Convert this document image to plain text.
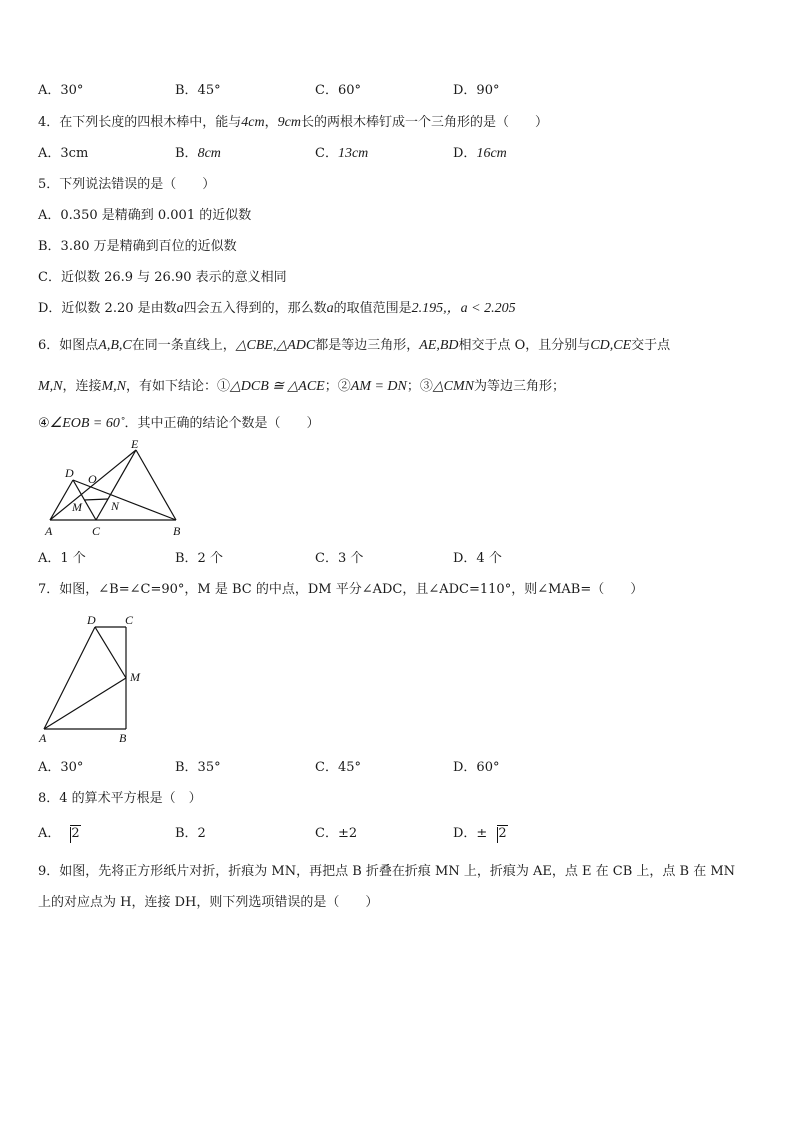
A．30°	B．45°	C．60°	D．90°
4．在下列长度的四根木棒中，能与4cm，9cm长的两根木棒钉成一个三角形的是（　　）
A．3cm	B．8cm	C．13cm	D．16cm
5．下列说法错误的是（　　）
A．0.350 是精确到 0.001 的近似数
B．3.80 万是精确到百位的近似数
C．近似数 26.9 与 26.90 表示的意义相同
D．近似数 2.20 是由数a四会五入得到的，那么数a的取值范围是2.195,，a < 2.205
6．如图点A,B,C在同一条直线上，△CBE,△ADC都是等边三角形，AE,BD相交于点 O，且分别与CD,CE交于点
M,N，连接M,N，有如下结论：①△DCB ≅ △ACE；②AM = DN；③△CMN为等边三角形；
④∠EOB = 60˚．其中正确的结论个数是（　　）
E
D O
M N
A	C	B
A．1 个	B．2 个	C．3 个	D．4 个
7．如图，∠B=∠C=90°，M 是 BC 的中点，DM 平分∠ADC，且∠ADC=110°，则∠MAB=（　　）
D C
M
A	B
A．30°	B．35°	C．45°	D．60°
8．4 的算术平方根是（　）
A． 2	B．2	C．±2	D．± 2
9．如图，先将正方形纸片对折，折痕为 MN，再把点 B 折叠在折痕 MN 上，折痕为 AE，点 E 在 CB 上，点 B 在 MN
上的对应点为 H，连接 DH，则下列选项错误的是（　　）
